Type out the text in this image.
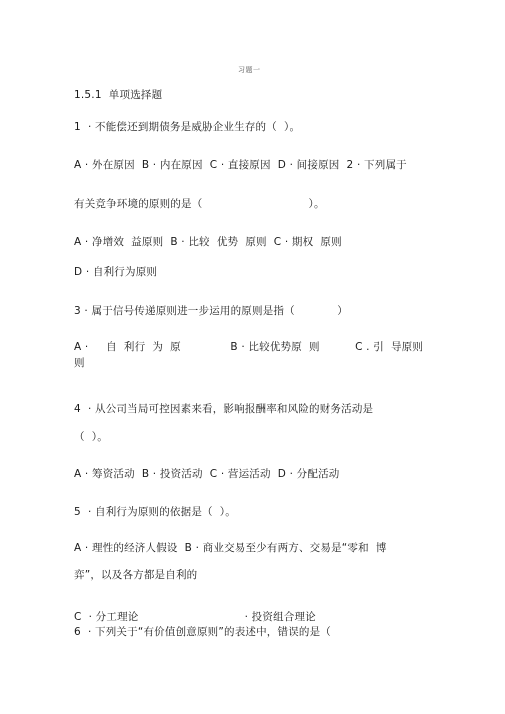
习题一
1.5.1  单项选择题
1  · 不能偿还到期债务是威胁企业生存的（  ）。
A · 外在原因  B · 内在原因  C · 直接原因  D · 间接原因  2 · 下列属于
有关竞争环境的原则的是（                              ）。
A · 净增效  益原则  B · 比较  优势  原则  C · 期权  原则
D · 自利行为原则
3 · 属于信号传递原则进一步运用的原则是指（            ）
A ·     自  利行  为  原              B · 比较优势原  则          C . 引  导原则
则
4  · 从公司当局可控因素来看，影响报酬率和风险的财务活动是
（  ）。
A · 筹资活动  B · 投资活动  C · 营运活动  D · 分配活动
5  · 自利行为原则的依据是（  ）。
A · 理性的经济人假设  B · 商业交易至少有两方、交易是“零和  博
弈”，以及各方都是自利的
C  · 分工理论                              · 投资组合理论
6  · 下列关于“有价值创意原则”的表述中，错误的是（
